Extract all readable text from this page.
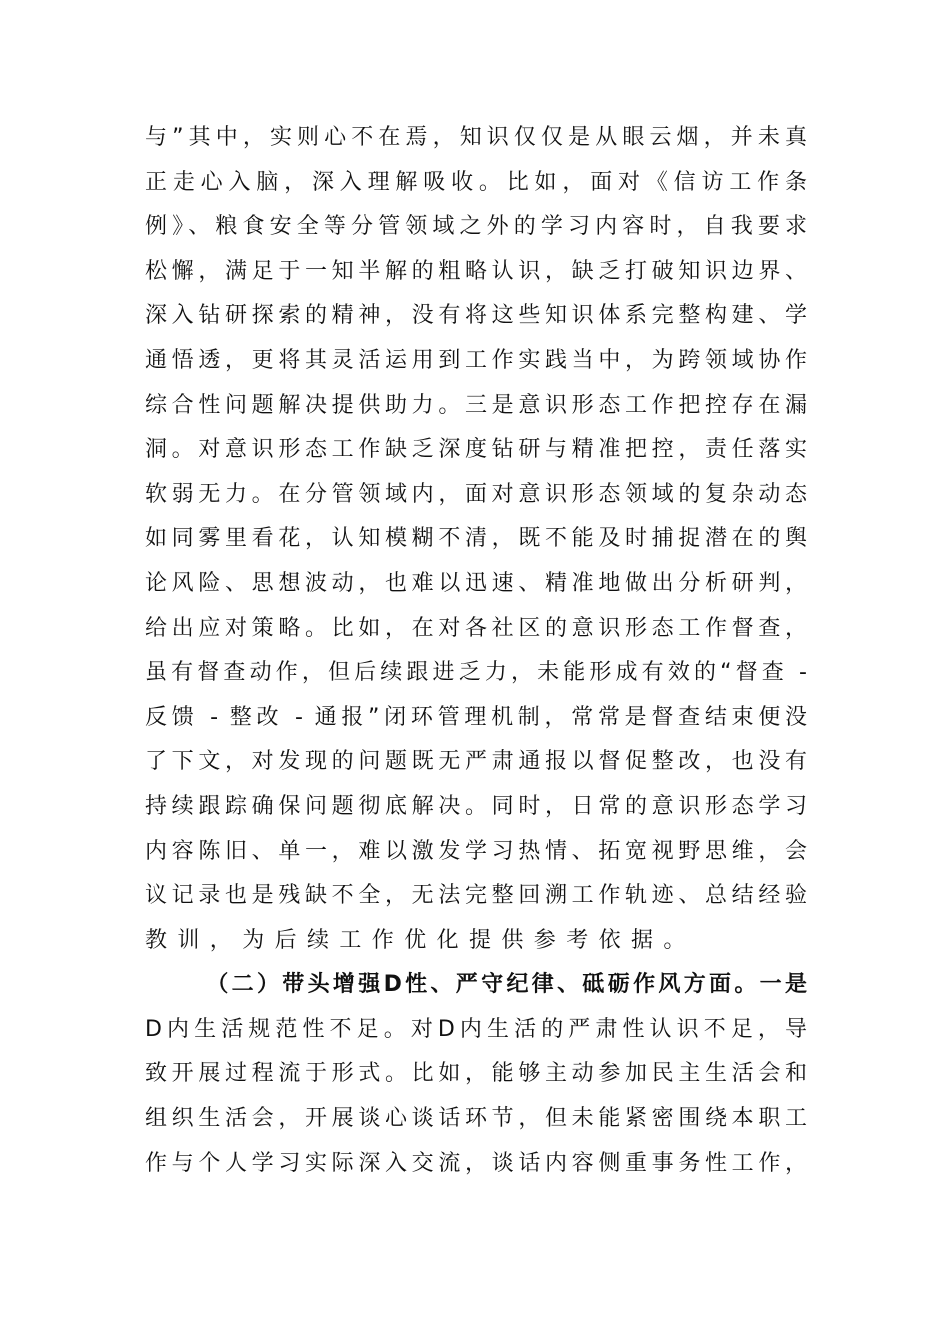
与”其中，实则心不在焉，知识仅仅是从眼云烟，并未真
正走心入脑，深入理解吸收。比如，面对《信访工作条
例》、粮食安全等分管领域之外的学习内容时，自我要求
松懈，满足于一知半解的粗略认识，缺乏打破知识边界、
深入钻研探索的精神，没有将这些知识体系完整构建、学
通悟透，更将其灵活运用到工作实践当中，为跨领域协作
综合性问题解决提供助力。三是意识形态工作把控存在漏
洞。对意识形态工作缺乏深度钻研与精准把控，责任落实
软弱无力。在分管领域内，面对意识形态领域的复杂动态
如同雾里看花，认知模糊不清，既不能及时捕捉潜在的舆
论风险、思想波动，也难以迅速、精准地做出分析研判，
给出应对策略。比如，在对各社区的意识形态工作督查，
虽有督查动作，但后续跟进乏力，未能形成有效的“督查 -
反馈 - 整改 - 通报”闭环管理机制，常常是督查结束便没
了下文，对发现的问题既无严肃通报以督促整改，也没有
持续跟踪确保问题彻底解决。同时，日常的意识形态学习
内容陈旧、单一，难以激发学习热情、拓宽视野思维，会
议记录也是残缺不全，无法完整回溯工作轨迹、总结经验
教训，为后续工作优化提供参考依据。
（二）带头增强D性、严守纪律、砥砺作风方面。一是
D内生活规范性不足。对D内生活的严肃性认识不足，导
致开展过程流于形式。比如，能够主动参加民主生活会和
组织生活会，开展谈心谈话环节，但未能紧密围绕本职工
作与个人学习实际深入交流，谈话内容侧重事务性工作，
